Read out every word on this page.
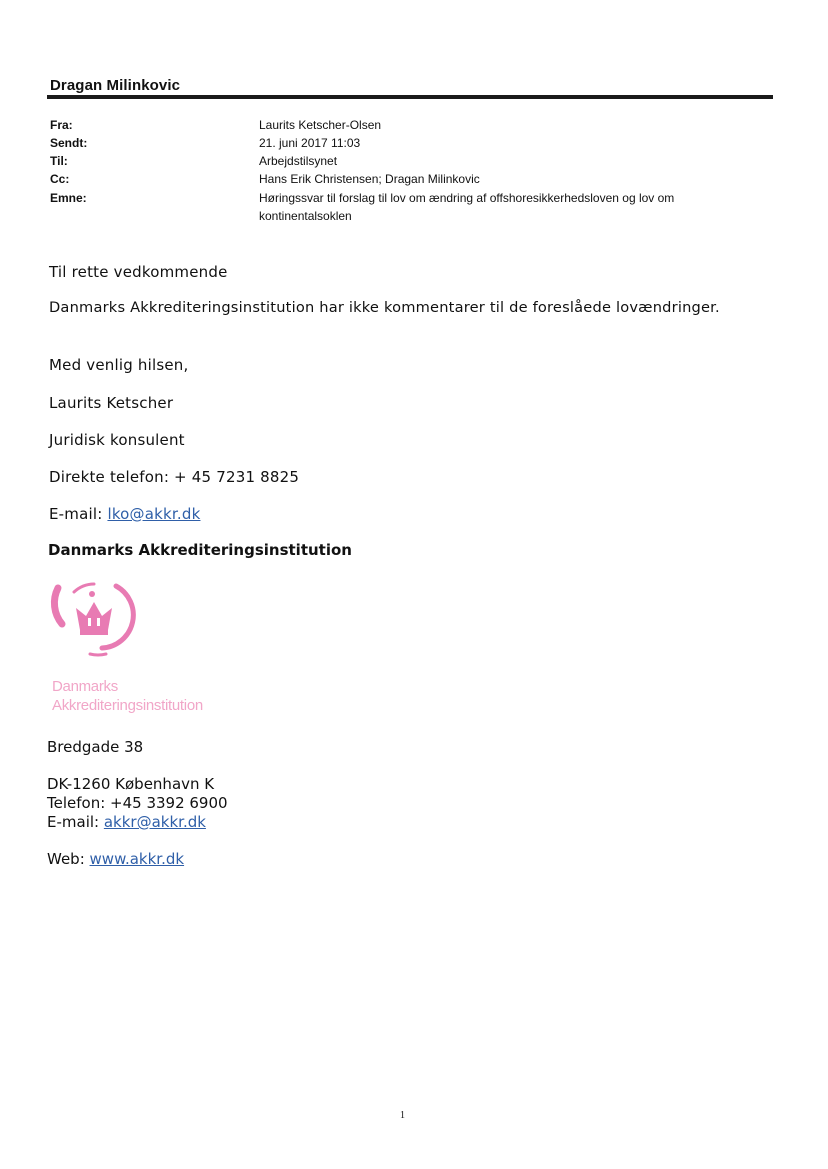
Dragan Milinkovic
Fra:	Laurits Ketscher-Olsen
Sendt:	21. juni 2017 11:03
Til:	Arbejdstilsynet
Cc:	Hans Erik Christensen; Dragan Milinkovic
Emne:	Høringssvar til forslag til lov om ændring af offshoresikkerhedsloven og lov om kontinentalsoklen
Til rette vedkommende
Danmarks Akkrediteringsinstitution har ikke kommentarer til de foreslåede lovændringer.
Med venlig hilsen,
Laurits Ketscher
Juridisk konsulent
Direkte telefon: + 45 7231 8825
E-mail: lko@akkr.dk
Danmarks Akkrediteringsinstitution
Danmarks
Akkrediteringsinstitution
Bredgade 38
DK-1260 København K
Telefon: +45 3392 6900
E-mail: akkr@akkr.dk
Web: www.akkr.dk
1
